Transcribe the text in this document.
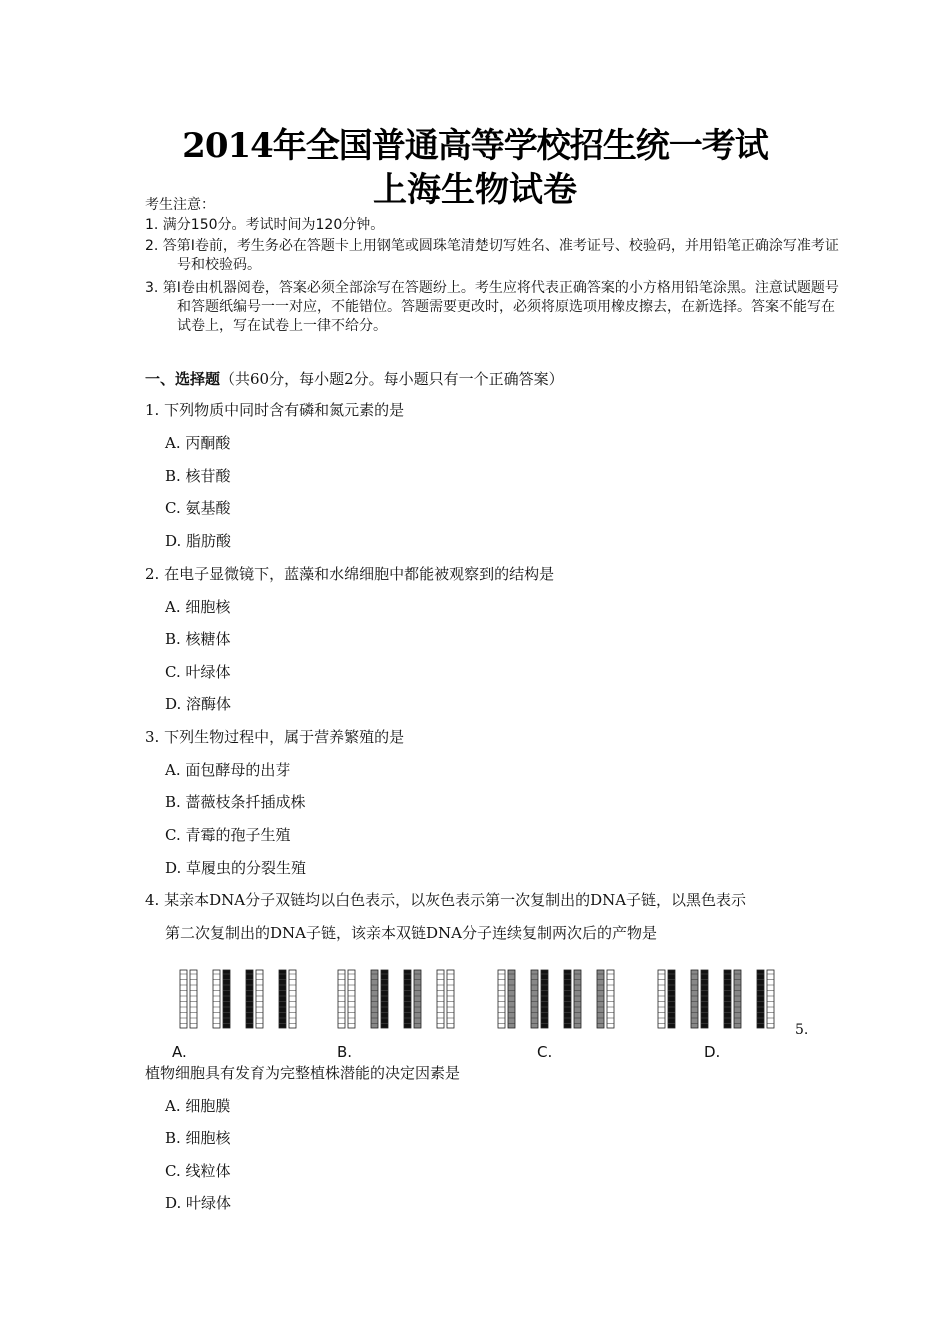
2014年全国普通高等学校招生统一考试
上海生物试卷
考生注意：
1. 满分150分。考试时间为120分钟。
2. 答第Ⅰ卷前，考生务必在答题卡上用钢笔或圆珠笔清楚切写姓名、准考证号、校验码，并用铅笔正确涂写准考证号和校验码。
3. 第Ⅰ卷由机器阅卷，答案必须全部涂写在答题纷上。考生应将代表正确答案的小方格用铅笔涂黑。注意试题题号和答题纸编号一一对应，不能错位。答题需要更改时，必须将原选项用橡皮擦去，在新选择。答案不能写在试卷上，写在试卷上一律不给分。
一、选择题（共60分，每小题2分。每小题只有一个正确答案）
1. 下列物质中同时含有磷和氮元素的是
A. 丙酮酸
B. 核苷酸
C. 氨基酸
D. 脂肪酸
2. 在电子显微镜下，蓝藻和水绵细胞中都能被观察到的结构是
A. 细胞核
B. 核糖体
C. 叶绿体
D. 溶酶体
3. 下列生物过程中，属于营养繁殖的是
A. 面包酵母的出芽
B. 蔷薇枝条扦插成株
C. 青霉的孢子生殖
D. 草履虫的分裂生殖
4. 某亲本DNA分子双链均以白色表示，以灰色表示第一次复制出的DNA子链，以黑色表示
第二次复制出的DNA子链，该亲本双链DNA分子连续复制两次后的产物是
A.	B.	C.	D.
5.
植物细胞具有发育为完整植株潜能的决定因素是
A. 细胞膜
B. 细胞核
C. 线粒体
D. 叶绿体
